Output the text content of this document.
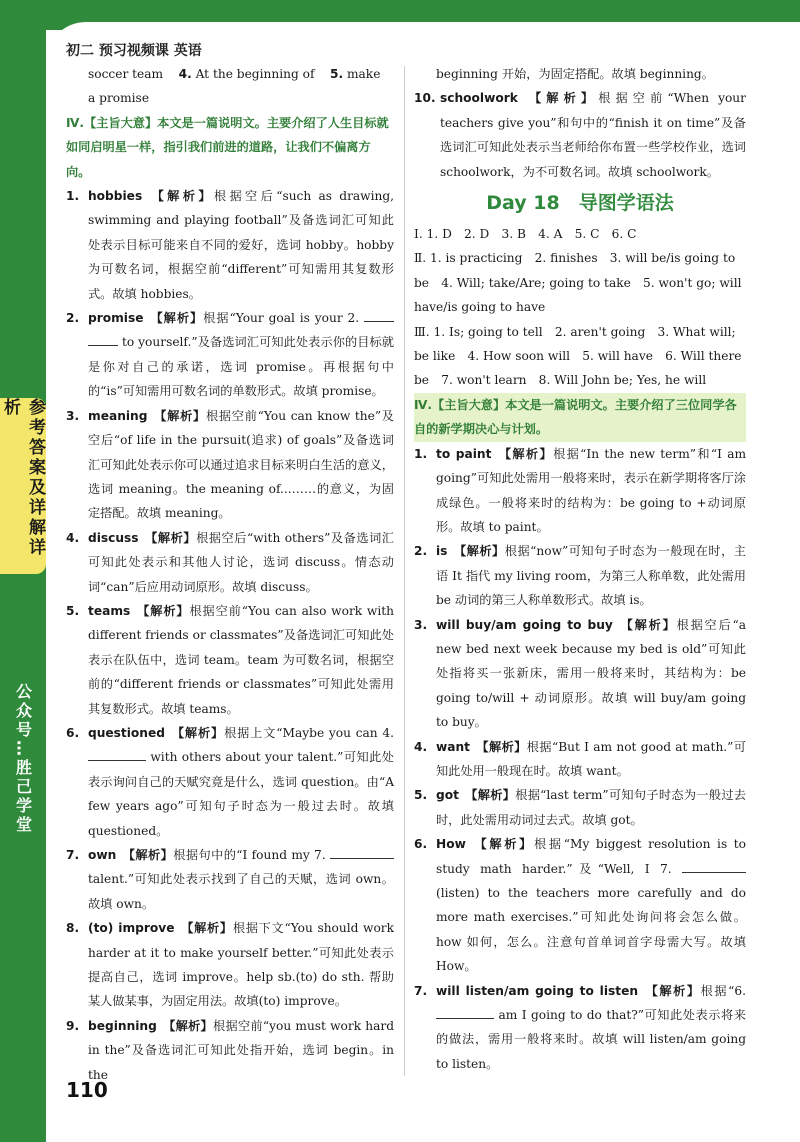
初二 预习视频课 英语
参考答案及详解详析
公众号…胜己学堂
soccer team 4. At the beginning of 5. make
a promise
Ⅳ.【主旨大意】本文是一篇说明文。主要介绍了人生目标就如同启明星一样，指引我们前进的道路，让我们不偏离方向。
1. hobbies 【解析】根据空后“such as drawing, swimming and playing football”及备选词汇可知此处表示目标可能来自不同的爱好，选词 hobby。hobby 为可数名词，根据空前“different”可知需用其复数形式。故填 hobbies。
2. promise 【解析】根据“Your goal is your 2.   to yourself.”及备选词汇可知此处表示你的目标就是你对自己的承诺，选词 promise。再根据句中的“is”可知需用可数名词的单数形式。故填 promise。
3. meaning 【解析】根据空前“You can know the”及空后“of life in the pursuit(追求) of goals”及备选词汇可知此处表示你可以通过追求目标来明白生活的意义，选词 meaning。the meaning of...……的意义，为固定搭配。故填 meaning。
4. discuss 【解析】根据空后“with others”及备选词汇可知此处表示和其他人讨论，选词 discuss。情态动词“can”后应用动词原形。故填 discuss。
5. teams 【解析】根据空前“You can also work with different friends or classmates”及备选词汇可知此处表示在队伍中，选词 team。team 为可数名词，根据空前的“different friends or classmates”可知此处需用其复数形式。故填 teams。
6. questioned 【解析】根据上文“Maybe you can 4.  with others about your talent.”可知此处表示询问自己的天赋究竟是什么，选词 question。由“A few years ago”可知句子时态为一般过去时。故填 questioned。
7. own 【解析】根据句中的“I found my 7.  talent.”可知此处表示找到了自己的天赋，选词 own。故填 own。
8. (to) improve 【解析】根据下文“You should work harder at it to make yourself better.”可知此处表示提高自己，选词 improve。help sb.(to) do sth. 帮助某人做某事，为固定用法。故填(to) improve。
9. beginning 【解析】根据空前“you must work hard in the”及备选词汇可知此处指开始，选词 begin。in the
beginning 开始，为固定搭配。故填 beginning。
10. schoolwork 【解析】根据空前“When your teachers give you”和句中的“finish it on time”及备选词汇可知此处表示当老师给你布置一些学校作业，选词 schoolwork，为不可数名词。故填 schoolwork。
Day 18　导图学语法
Ⅰ. 1. D　2. D　3. B　4. A　5. C　6. C
Ⅱ. 1. is practicing　2. finishes　3. will be/is going to be　4. Will; take/Are; going to take　5. won't go; will have/is going to have
Ⅲ. 1. Is; going to tell　2. aren't going　3. What will; be like　4. How soon will　5. will have　6. Will there be　7. won't learn　8. Will John be; Yes, he will
Ⅳ.【主旨大意】本文是一篇说明文。主要介绍了三位同学各自的新学期决心与计划。
1. to paint 【解析】根据“In the new term”和“I am going”可知此处需用一般将来时，表示在新学期将客厅涂成绿色。一般将来时的结构为：be going to +动词原形。故填 to paint。
2. is 【解析】根据“now”可知句子时态为一般现在时，主语 It 指代 my living room，为第三人称单数，此处需用 be 动词的第三人称单数形式。故填 is。
3. will buy/am going to buy 【解析】根据空后“a new bed next week because my bed is old”可知此处指将买一张新床，需用一般将来时，其结构为：be going to/will + 动词原形。故填 will buy/am going to buy。
4. want 【解析】根据“But I am not good at math.”可知此处用一般现在时。故填 want。
5. got 【解析】根据“last term”可知句子时态为一般过去时，此处需用动词过去式。故填 got。
6. How 【解析】根据“My biggest resolution is to study math harder.”及“Well, I 7.  (listen) to the teachers more carefully and do more math exercises.”可知此处询问将会怎么做。how 如何，怎么。注意句首单词首字母需大写。故填 How。
7. will listen/am going to listen 【解析】根据“6.  am I going to do that?”可知此处表示将来的做法，需用一般将来时。故填 will listen/am going to listen。
110
